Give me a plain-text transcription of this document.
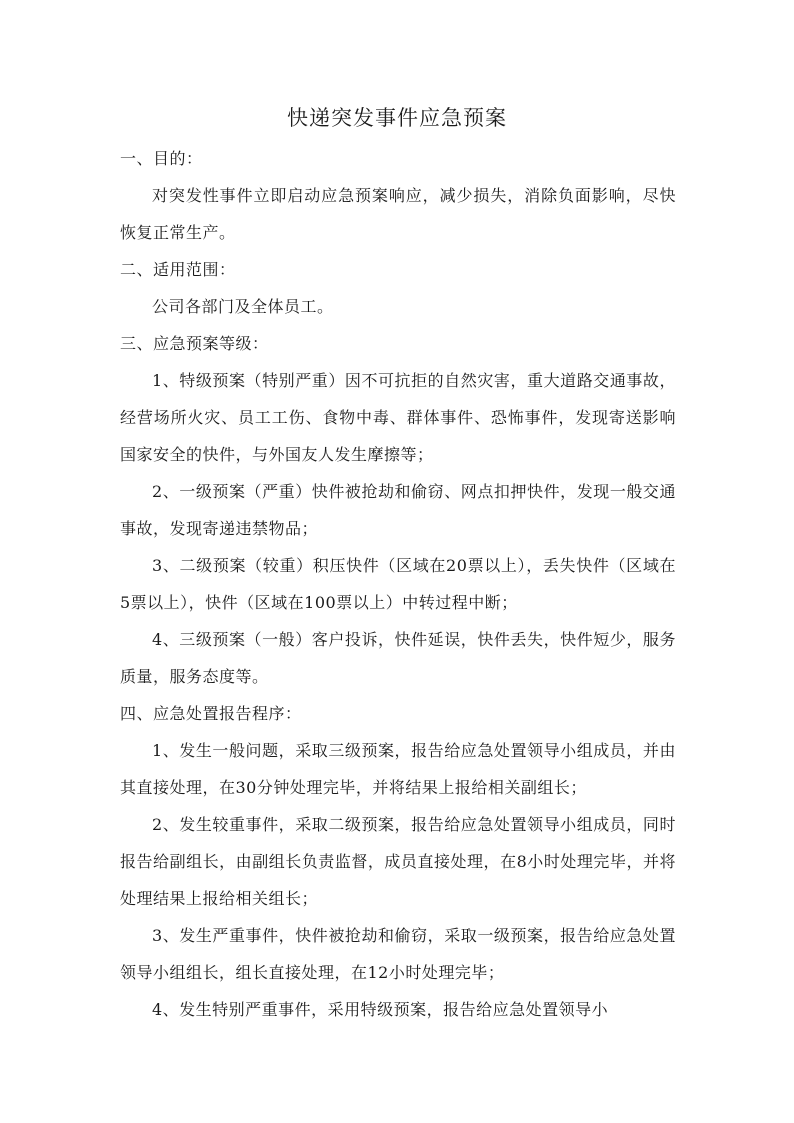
快递突发事件应急预案

一、目的：

对突发性事件立即启动应急预案响应，减少损失，消除负面影响，尽快恢复正常生产。

二、适用范围：

公司各部门及全体员工。

三、应急预案等级：

1、特级预案（特别严重）因不可抗拒的自然灾害，重大道路交通事故，经营场所火灾、员工工伤、食物中毒、群体事件、恐怖事件，发现寄送影响国家安全的快件，与外国友人发生摩擦等；

2、一级预案（严重）快件被抢劫和偷窃、网点扣押快件，发现一般交通事故，发现寄递违禁物品；

3、二级预案（较重）积压快件（区域在20票以上），丢失快件（区域在5票以上），快件（区域在100票以上）中转过程中断；

4、三级预案（一般）客户投诉，快件延误，快件丢失，快件短少，服务质量，服务态度等。

四、应急处置报告程序：

1、发生一般问题，采取三级预案，报告给应急处置领导小组成员，并由其直接处理，在30分钟处理完毕，并将结果上报给相关副组长；

2、发生较重事件，采取二级预案，报告给应急处置领导小组成员，同时报告给副组长，由副组长负责监督，成员直接处理，在8小时处理完毕，并将处理结果上报给相关组长；

3、发生严重事件，快件被抢劫和偷窃，采取一级预案，报告给应急处置领导小组组长，组长直接处理，在12小时处理完毕；

4、发生特别严重事件，采用特级预案，报告给应急处置领导小
